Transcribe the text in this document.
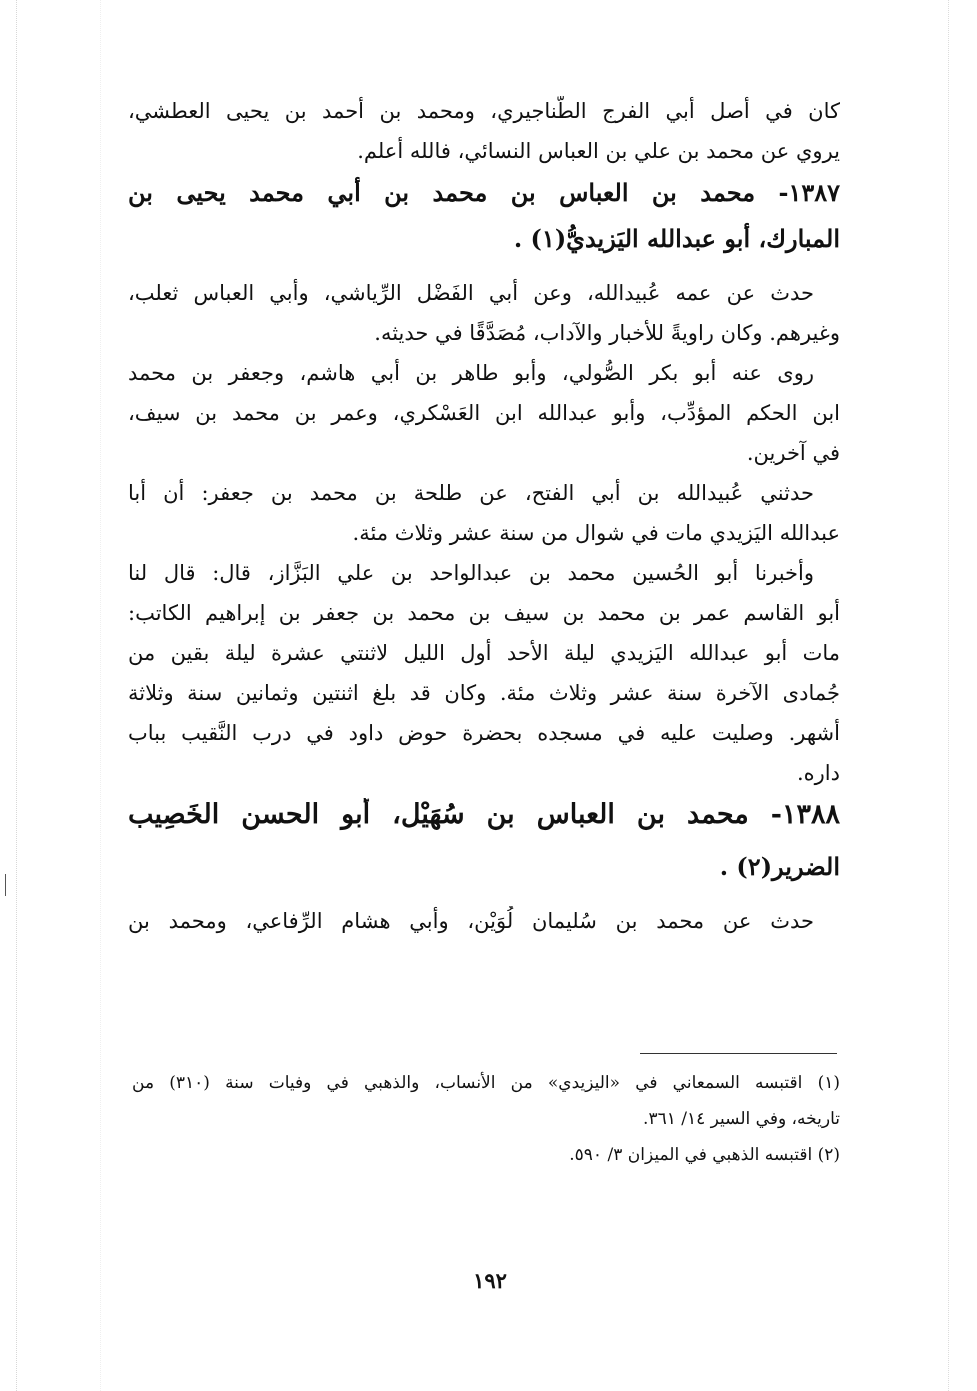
كان في أصل أبي الفرج الطَّناجيري، ومحمد بن أحمد بن يحيى العطشي،
يروي عن محمد بن علي بن العباس النسائي، فالله أعلم.
١٣٨٧- محمد بن العباس بن محمد بن أبي محمد يحيى بن
المبارك، أبو عبدالله اليَزيديُّ(١) .
حدث عن عمه عُبيدالله، وعن أبي الفَضْل الرِّياشي، وأبي العباس ثعلب،
وغيرهم. وكان راويةً للأخبار والآداب، مُصَدَّقًا في حديثه.
روى عنه أبو بكر الصُّولي، وأبو طاهر بن أبي هاشم، وجعفر بن محمد
ابن الحكم المؤدِّب، وأبو عبدالله ابن العَسْكري، وعمر بن محمد بن سيف،
في آخرين.
حدثني عُبيدالله بن أبي الفتح، عن طلحة بن محمد بن جعفر: أن أبا
عبدالله اليَزيدي مات في شوال من سنة عشر وثلاث مئة.
وأخبرنا أبو الحُسين محمد بن عبدالواحد بن علي البَزَّاز، قال: قال لنا
أبو القاسم عمر بن محمد بن سيف بن محمد بن جعفر بن إبراهيم الكاتب:
مات أبو عبدالله اليَزيدي ليلة الأحد أول الليل لاثنتي عشرة ليلة بقين من
جُمادى الآخرة سنة عشر وثلاث مئة. وكان قد بلغ اثنتين وثمانين سنة وثلاثة
أشهر. وصليت عليه في مسجده بحضرة حوض داود في درب النَّقيب بباب
داره.
١٣٨٨- محمد بن العباس بن سُهَيْل، أبو الحسن الخَصِيب
الضرير(٢) .
حدث عن محمد بن سُليمان لُوَيْن، وأبي هشام الرِّفاعي، ومحمد بن
(١) اقتبسه السمعاني في «اليزيدي» من الأنساب، والذهبي في وفيات سنة (٣١٠) من
تاريخه، وفي السير ١٤/ ٣٦١.
(٢) اقتبسه الذهبي في الميزان ٣/ ٥٩٠.
١٩٢
